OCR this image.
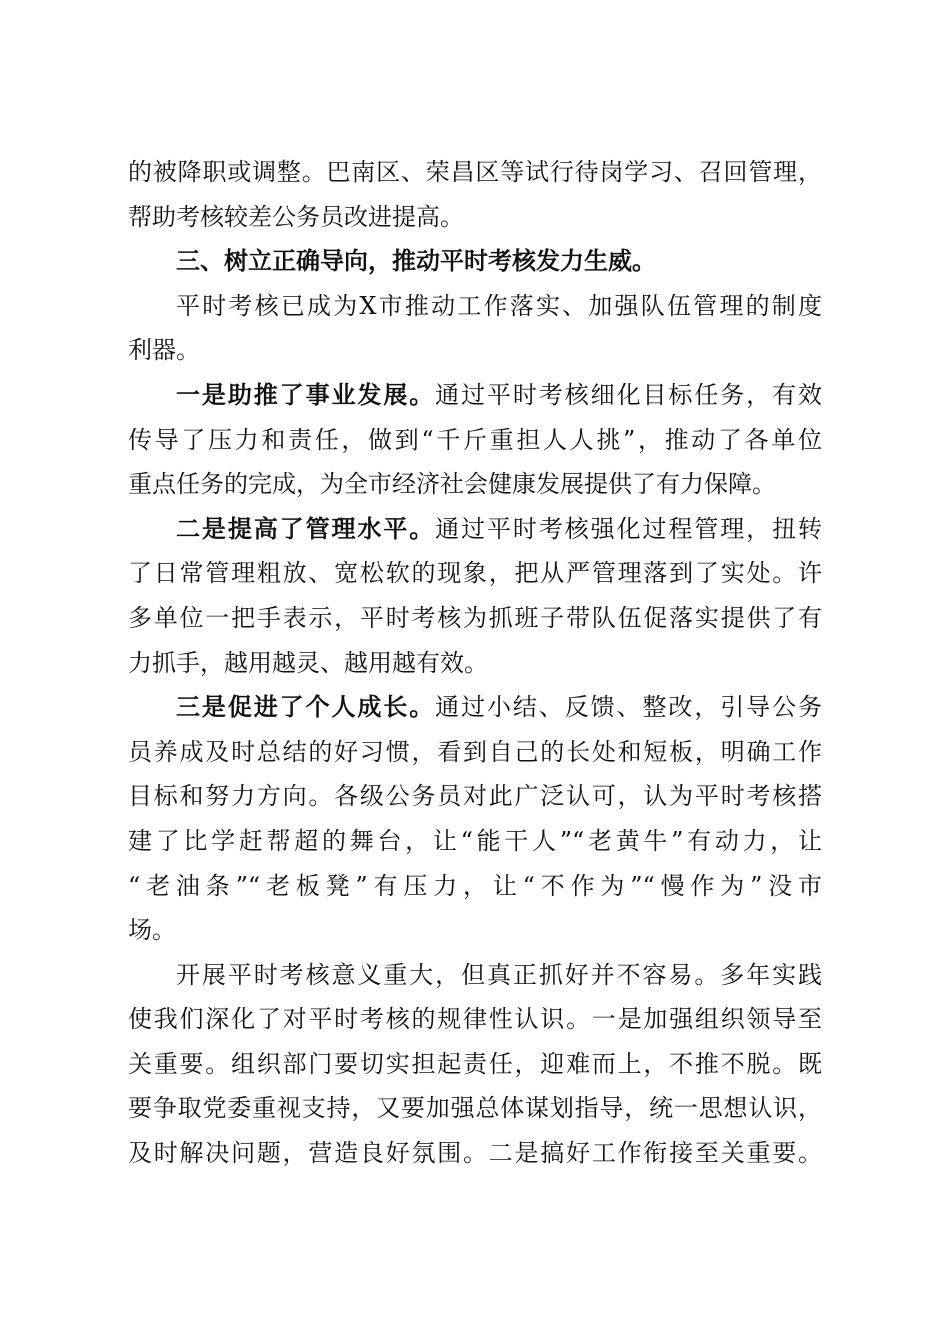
的被降职或调整。巴南区、荣昌区等试行待岗学习、召回管理，
帮助考核较差公务员改进提高。
三、树立正确导向，推动平时考核发力生威。
平时考核已成为X市推动工作落实、加强队伍管理的制度
利器。
一是助推了事业发展。通过平时考核细化目标任务，有效
传导了压力和责任，做到“千斤重担人人挑”，推动了各单位
重点任务的完成，为全市经济社会健康发展提供了有力保障。
二是提高了管理水平。通过平时考核强化过程管理，扭转
了日常管理粗放、宽松软的现象，把从严管理落到了实处。许
多单位一把手表示，平时考核为抓班子带队伍促落实提供了有
力抓手，越用越灵、越用越有效。
三是促进了个人成长。通过小结、反馈、整改，引导公务
员养成及时总结的好习惯，看到自己的长处和短板，明确工作
目标和努力方向。各级公务员对此广泛认可，认为平时考核搭
建了比学赶帮超的舞台，让“能干人”“老黄牛”有动力，让
“老油条”“老板凳”有压力，让“不作为”“慢作为”没市
场。
开展平时考核意义重大，但真正抓好并不容易。多年实践
使我们深化了对平时考核的规律性认识。一是加强组织领导至
关重要。组织部门要切实担起责任，迎难而上，不推不脱。既
要争取党委重视支持，又要加强总体谋划指导，统一思想认识，
及时解决问题，营造良好氛围。二是搞好工作衔接至关重要。
